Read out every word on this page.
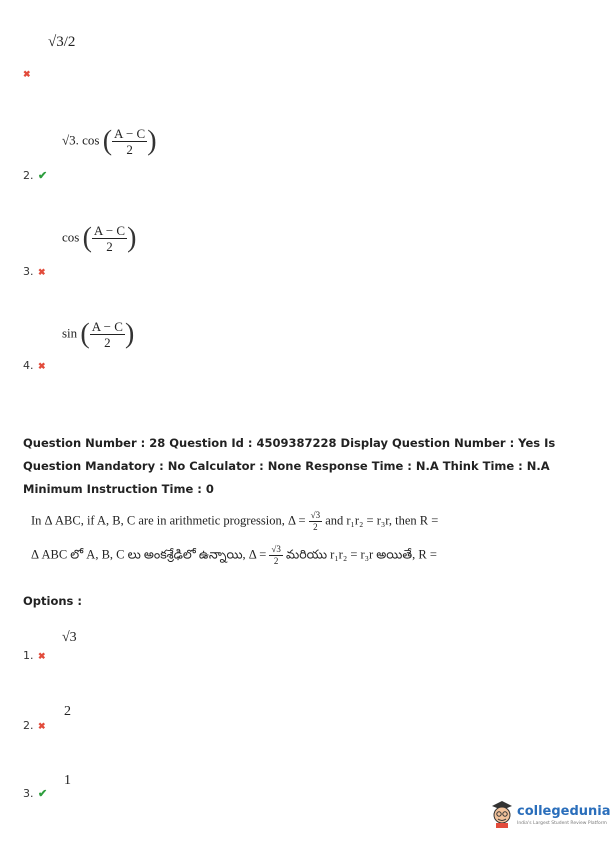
√3/2
✖
√3. cos ( $\frac{A - C}{2}$ )
2. ✔
cos ( $\frac{A - C}{2}$ )
3. ✖
sin ( $\frac{A - C}{2}$ )
4. ✖
Question Number : 28 Question Id : 4509387228 Display Question Number : Yes Is Question Mandatory : No Calculator : None Response Time : N.A Think Time : N.A Minimum Instruction Time : 0
In Δ ABC, if A, B, C are in arithmetic progression, $\Delta = \frac{√3}{2}$ and r₁r₂ = r₃r, then R =
Δ ABC లో A, B, C లు అంకశ్రేఢిలో ఉన్నాయి, $\Delta = \frac{√3}{2}$ మరియు r₁r₂ = r₃r అయితే, R =
Options :
√3
1. ✖
2
2. ✖
1
3. ✔
collegedunia
India's Largest Student Review Platform
